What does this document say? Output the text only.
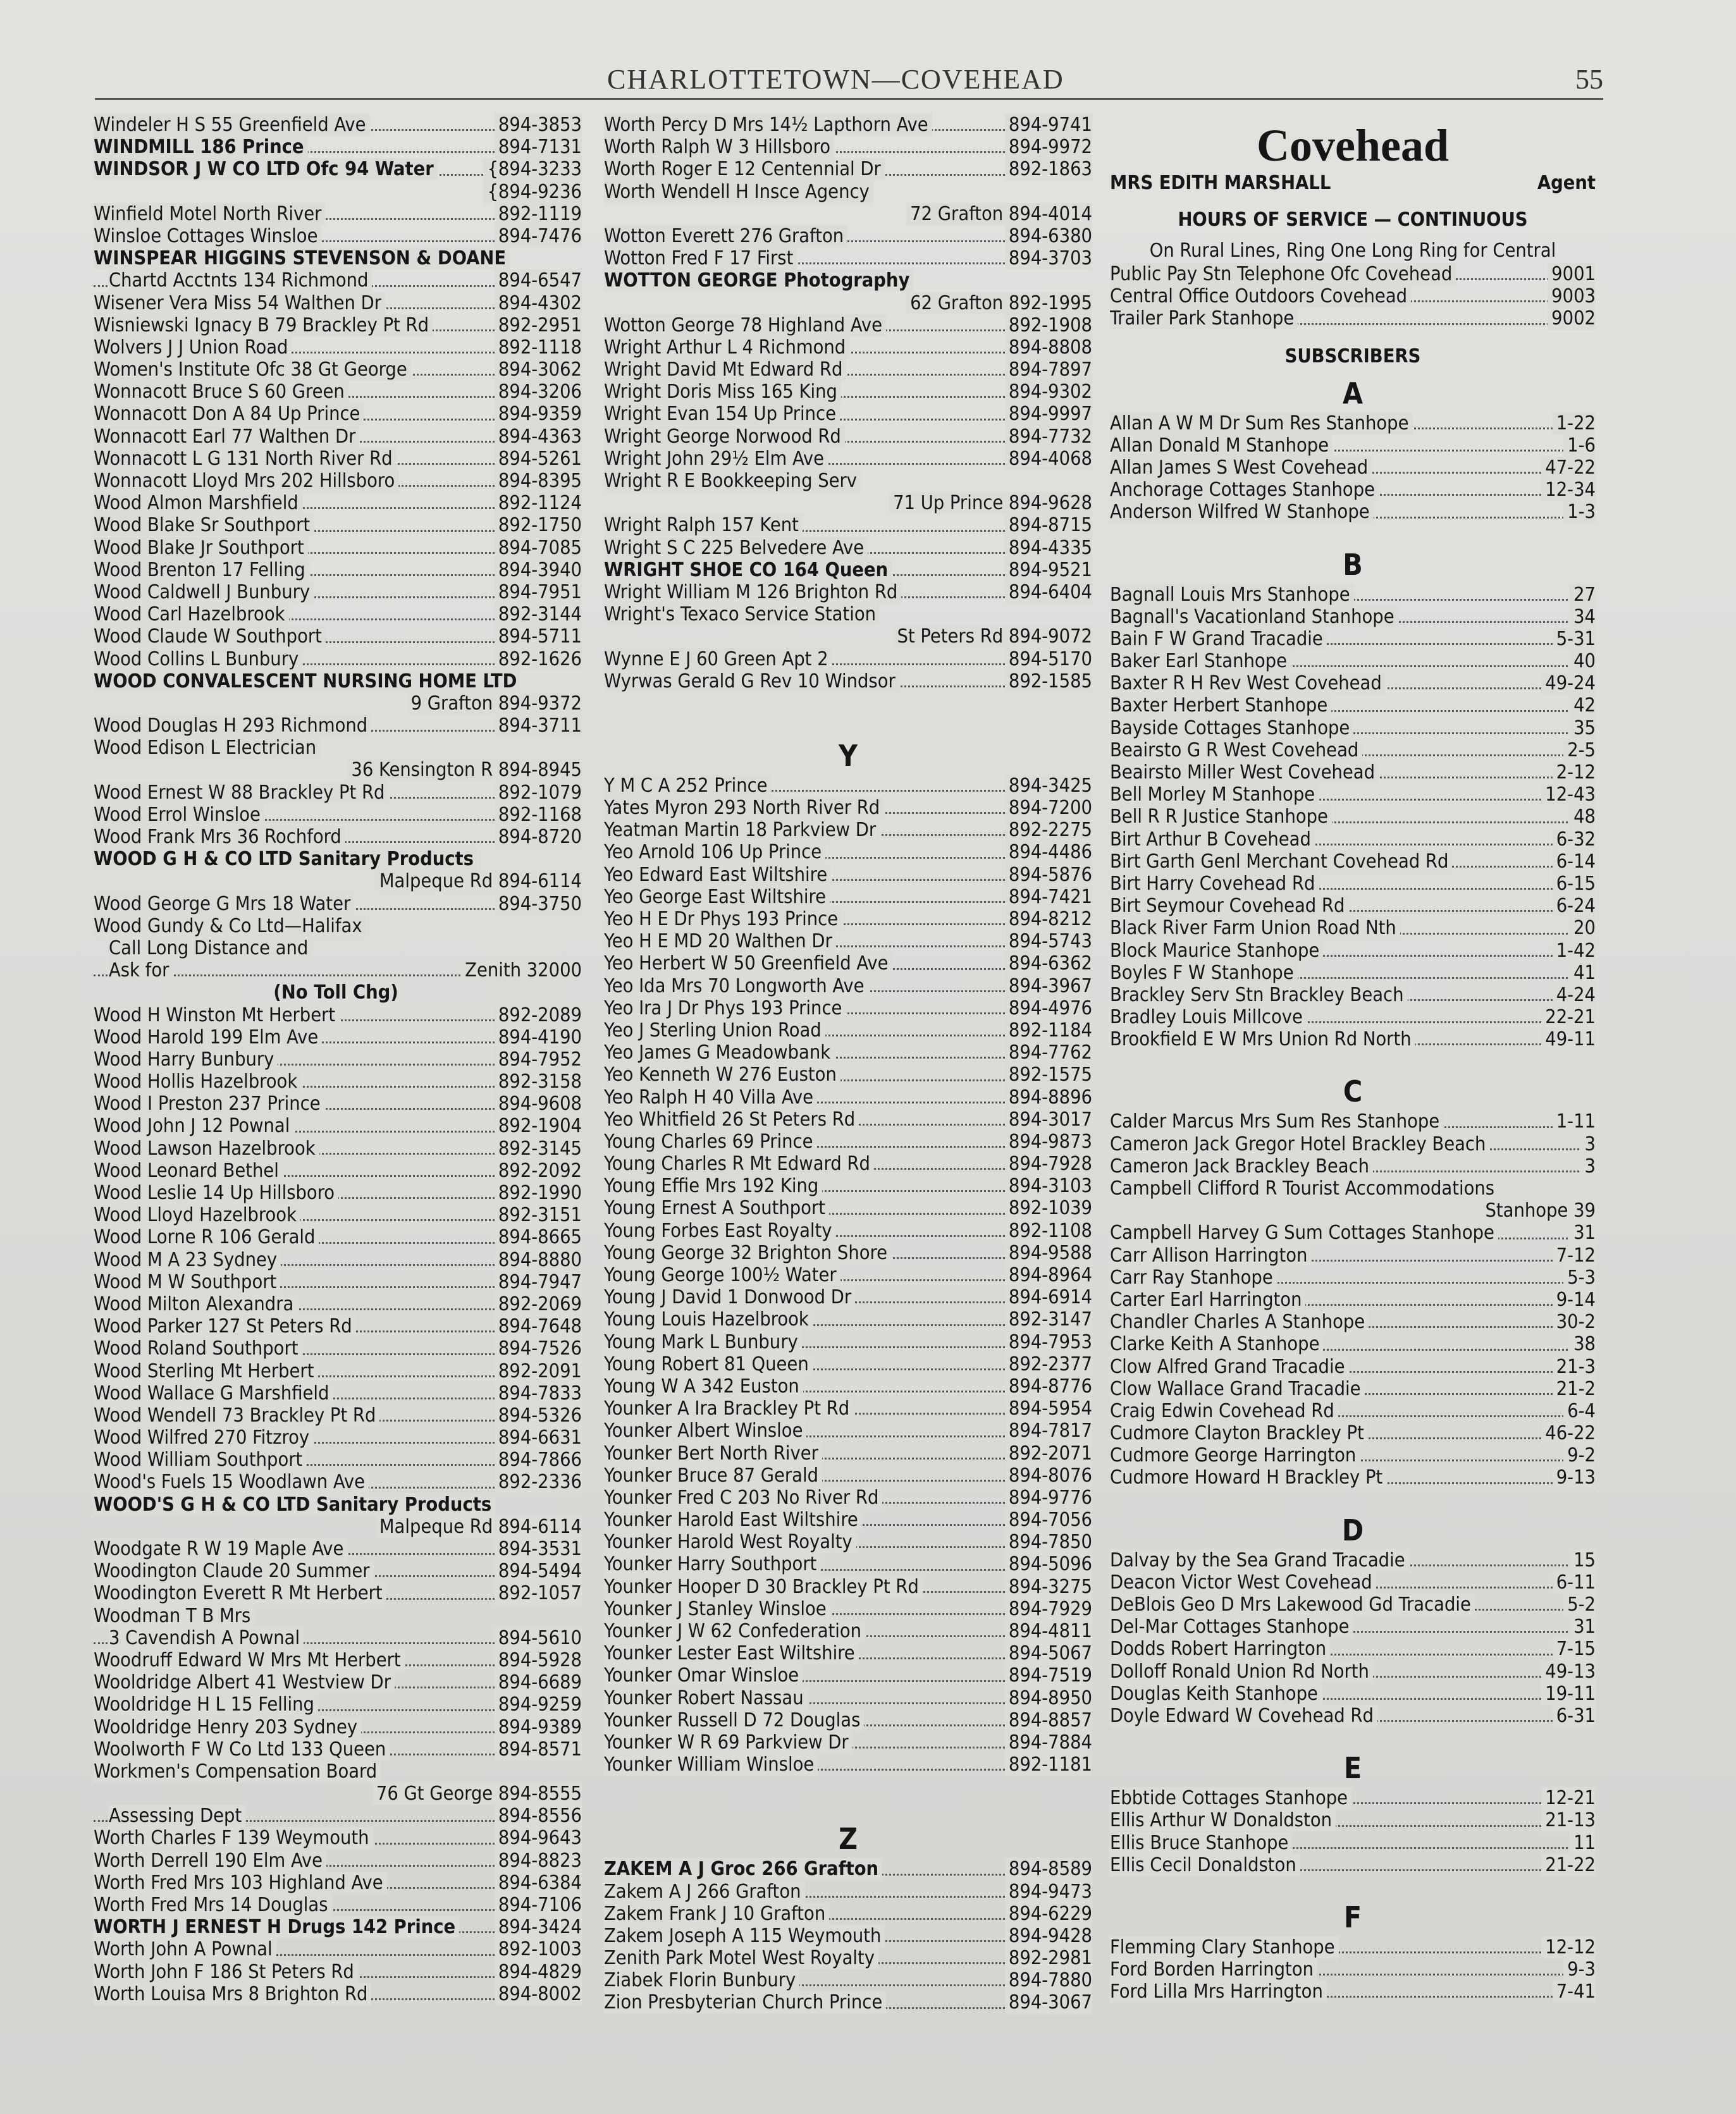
CHARLOTTETOWN—COVEHEAD	55
Windeler H S 55 Greenfield Ave	894-3853
WINDMILL 186 Prince	894-7131
WINDSOR J W CO LTD Ofc 94 Water	{894-3233
{894-9236
Winfield Motel North River	892-1119
Winsloe Cottages Winsloe	894-7476
WINSPEAR HIGGINS STEVENSON & DOANE
Chartd Acctnts 134 Richmond	894-6547
Wisener Vera Miss 54 Walthen Dr	894-4302
Wisniewski Ignacy B 79 Brackley Pt Rd	892-2951
Wolvers J J Union Road	892-1118
Women's Institute Ofc 38 Gt George	894-3062
Wonnacott Bruce S 60 Green	894-3206
Wonnacott Don A 84 Up Prince	894-9359
Wonnacott Earl 77 Walthen Dr	894-4363
Wonnacott L G 131 North River Rd	894-5261
Wonnacott Lloyd Mrs 202 Hillsboro	894-8395
Wood Almon Marshfield	892-1124
Wood Blake Sr Southport	892-1750
Wood Blake Jr Southport	894-7085
Wood Brenton 17 Felling	894-3940
Wood Caldwell J Bunbury	894-7951
Wood Carl Hazelbrook	892-3144
Wood Claude W Southport	894-5711
Wood Collins L Bunbury	892-1626
WOOD CONVALESCENT NURSING HOME LTD
9 Grafton 894-9372
Wood Douglas H 293 Richmond	894-3711
Wood Edison L Electrician
36 Kensington R 894-8945
Wood Ernest W 88 Brackley Pt Rd	892-1079
Wood Errol Winsloe	892-1168
Wood Frank Mrs 36 Rochford	894-8720
WOOD G H & CO LTD Sanitary Products
Malpeque Rd 894-6114
Wood George G Mrs 18 Water	894-3750
Wood Gundy & Co Ltd—Halifax
Call Long Distance and
Ask for	Zenith 32000
(No Toll Chg)
Wood H Winston Mt Herbert	892-2089
Wood Harold 199 Elm Ave	894-4190
Wood Harry Bunbury	894-7952
Wood Hollis Hazelbrook	892-3158
Wood I Preston 237 Prince	894-9608
Wood John J 12 Pownal	892-1904
Wood Lawson Hazelbrook	892-3145
Wood Leonard Bethel	892-2092
Wood Leslie 14 Up Hillsboro	892-1990
Wood Lloyd Hazelbrook	892-3151
Wood Lorne R 106 Gerald	894-8665
Wood M A 23 Sydney	894-8880
Wood M W Southport	894-7947
Wood Milton Alexandra	892-2069
Wood Parker 127 St Peters Rd	894-7648
Wood Roland Southport	894-7526
Wood Sterling Mt Herbert	892-2091
Wood Wallace G Marshfield	894-7833
Wood Wendell 73 Brackley Pt Rd	894-5326
Wood Wilfred 270 Fitzroy	894-6631
Wood William Southport	894-7866
Wood's Fuels 15 Woodlawn Ave	892-2336
WOOD'S G H & CO LTD Sanitary Products
Malpeque Rd 894-6114
Woodgate R W 19 Maple Ave	894-3531
Woodington Claude 20 Summer	894-5494
Woodington Everett R Mt Herbert	892-1057
Woodman T B Mrs
3 Cavendish A Pownal	894-5610
Woodruff Edward W Mrs Mt Herbert	894-5928
Wooldridge Albert 41 Westview Dr	894-6689
Wooldridge H L 15 Felling	894-9259
Wooldridge Henry 203 Sydney	894-9389
Woolworth F W Co Ltd 133 Queen	894-8571
Workmen's Compensation Board
76 Gt George 894-8555
Assessing Dept	894-8556
Worth Charles F 139 Weymouth	894-9643
Worth Derrell 190 Elm Ave	894-8823
Worth Fred Mrs 103 Highland Ave	894-6384
Worth Fred Mrs 14 Douglas	894-7106
WORTH J ERNEST H Drugs 142 Prince 894-3424
Worth John A Pownal	892-1003
Worth John F 186 St Peters Rd	894-4829
Worth Louisa Mrs 8 Brighton Rd	894-8002
Worth Percy D Mrs 14½ Lapthorn Ave	894-9741
Worth Ralph W 3 Hillsboro	894-9972
Worth Roger E 12 Centennial Dr	892-1863
Worth Wendell H Insce Agency
72 Grafton 894-4014
Wotton Everett 276 Grafton	894-6380
Wotton Fred F 17 First	894-3703
WOTTON GEORGE Photography
62 Grafton 892-1995
Wotton George 78 Highland Ave	892-1908
Wright Arthur L 4 Richmond	894-8808
Wright David Mt Edward Rd	894-7897
Wright Doris Miss 165 King	894-9302
Wright Evan 154 Up Prince	894-9997
Wright George Norwood Rd	894-7732
Wright John 29½ Elm Ave	894-4068
Wright R E Bookkeeping Serv
71 Up Prince 894-9628
Wright Ralph 157 Kent	894-8715
Wright S C 225 Belvedere Ave	894-4335
WRIGHT SHOE CO 164 Queen	894-9521
Wright William M 126 Brighton Rd	894-6404
Wright's Texaco Service Station
St Peters Rd 894-9072
Wynne E J 60 Green Apt 2	894-5170
Wyrwas Gerald G Rev 10 Windsor	892-1585
Y
Y M C A 252 Prince	894-3425
Yates Myron 293 North River Rd	894-7200
Yeatman Martin 18 Parkview Dr	892-2275
Yeo Arnold 106 Up Prince	894-4486
Yeo Edward East Wiltshire	894-5876
Yeo George East Wiltshire	894-7421
Yeo H E Dr Phys 193 Prince	894-8212
Yeo H E MD 20 Walthen Dr	894-5743
Yeo Herbert W 50 Greenfield Ave	894-6362
Yeo Ida Mrs 70 Longworth Ave	894-3967
Yeo Ira J Dr Phys 193 Prince	894-4976
Yeo J Sterling Union Road	892-1184
Yeo James G Meadowbank	894-7762
Yeo Kenneth W 276 Euston	892-1575
Yeo Ralph H 40 Villa Ave	894-8896
Yeo Whitfield 26 St Peters Rd	894-3017
Young Charles 69 Prince	894-9873
Young Charles R Mt Edward Rd	894-7928
Young Effie Mrs 192 King	894-3103
Young Ernest A Southport	892-1039
Young Forbes East Royalty	892-1108
Young George 32 Brighton Shore	894-9588
Young George 100½ Water	894-8964
Young J David 1 Donwood Dr	894-6914
Young Louis Hazelbrook	892-3147
Young Mark L Bunbury	894-7953
Young Robert 81 Queen	892-2377
Young W A 342 Euston	894-8776
Younker A Ira Brackley Pt Rd	894-5954
Younker Albert Winsloe	894-7817
Younker Bert North River	892-2071
Younker Bruce 87 Gerald	894-8076
Younker Fred C 203 No River Rd	894-9776
Younker Harold East Wiltshire	894-7056
Younker Harold West Royalty	894-7850
Younker Harry Southport	894-5096
Younker Hooper D 30 Brackley Pt Rd	894-3275
Younker J Stanley Winsloe	894-7929
Younker J W 62 Confederation	894-4811
Younker Lester East Wiltshire	894-5067
Younker Omar Winsloe	894-7519
Younker Robert Nassau	894-8950
Younker Russell D 72 Douglas	894-8857
Younker W R 69 Parkview Dr	894-7884
Younker William Winsloe	892-1181
Z
ZAKEM A J Groc 266 Grafton	894-8589
Zakem A J 266 Grafton	894-9473
Zakem Frank J 10 Grafton	894-6229
Zakem Joseph A 115 Weymouth	894-9428
Zenith Park Motel West Royalty	892-2981
Ziabek Florin Bunbury	894-7880
Zion Presbyterian Church Prince	894-3067
Covehead
MRS EDITH MARSHALL	Agent
HOURS OF SERVICE — CONTINUOUS
On Rural Lines, Ring One Long Ring for Central
Public Pay Stn Telephone Ofc Covehead	9001
Central Office Outdoors Covehead	9003
Trailer Park Stanhope	9002
SUBSCRIBERS
A
Allan A W M Dr Sum Res Stanhope	1-22
Allan Donald M Stanhope	1-6
Allan James S West Covehead	47-22
Anchorage Cottages Stanhope	12-34
Anderson Wilfred W Stanhope	1-3
B
Bagnall Louis Mrs Stanhope	27
Bagnall's Vacationland Stanhope	34
Bain F W Grand Tracadie	5-31
Baker Earl Stanhope	40
Baxter R H Rev West Covehead	49-24
Baxter Herbert Stanhope	42
Bayside Cottages Stanhope	35
Beairsto G R West Covehead	2-5
Beairsto Miller West Covehead	2-12
Bell Morley M Stanhope	12-43
Bell R R Justice Stanhope	48
Birt Arthur B Covehead	6-32
Birt Garth Genl Merchant Covehead Rd	6-14
Birt Harry Covehead Rd	6-15
Birt Seymour Covehead Rd	6-24
Black River Farm Union Road Nth	20
Block Maurice Stanhope	1-42
Boyles F W Stanhope	41
Brackley Serv Stn Brackley Beach	4-24
Bradley Louis Millcove	22-21
Brookfield E W Mrs Union Rd North	49-11
C
Calder Marcus Mrs Sum Res Stanhope	1-11
Cameron Jack Gregor Hotel Brackley Beach	3
Cameron Jack Brackley Beach	3
Campbell Clifford R Tourist Accommodations
Stanhope 39
Campbell Harvey G Sum Cottages Stanhope	31
Carr Allison Harrington	7-12
Carr Ray Stanhope	5-3
Carter Earl Harrington	9-14
Chandler Charles A Stanhope	30-2
Clarke Keith A Stanhope	38
Clow Alfred Grand Tracadie	21-3
Clow Wallace Grand Tracadie	21-2
Craig Edwin Covehead Rd	6-4
Cudmore Clayton Brackley Pt	46-22
Cudmore George Harrington	9-2
Cudmore Howard H Brackley Pt	9-13
D
Dalvay by the Sea Grand Tracadie	15
Deacon Victor West Covehead	6-11
DeBlois Geo D Mrs Lakewood Gd Tracadie	5-2
Del-Mar Cottages Stanhope	31
Dodds Robert Harrington	7-15
Dolloff Ronald Union Rd North	49-13
Douglas Keith Stanhope	19-11
Doyle Edward W Covehead Rd	6-31
E
Ebbtide Cottages Stanhope	12-21
Ellis Arthur W Donaldston	21-13
Ellis Bruce Stanhope	11
Ellis Cecil Donaldston	21-22
F
Flemming Clary Stanhope	12-12
Ford Borden Harrington	9-3
Ford Lilla Mrs Harrington	7-41
